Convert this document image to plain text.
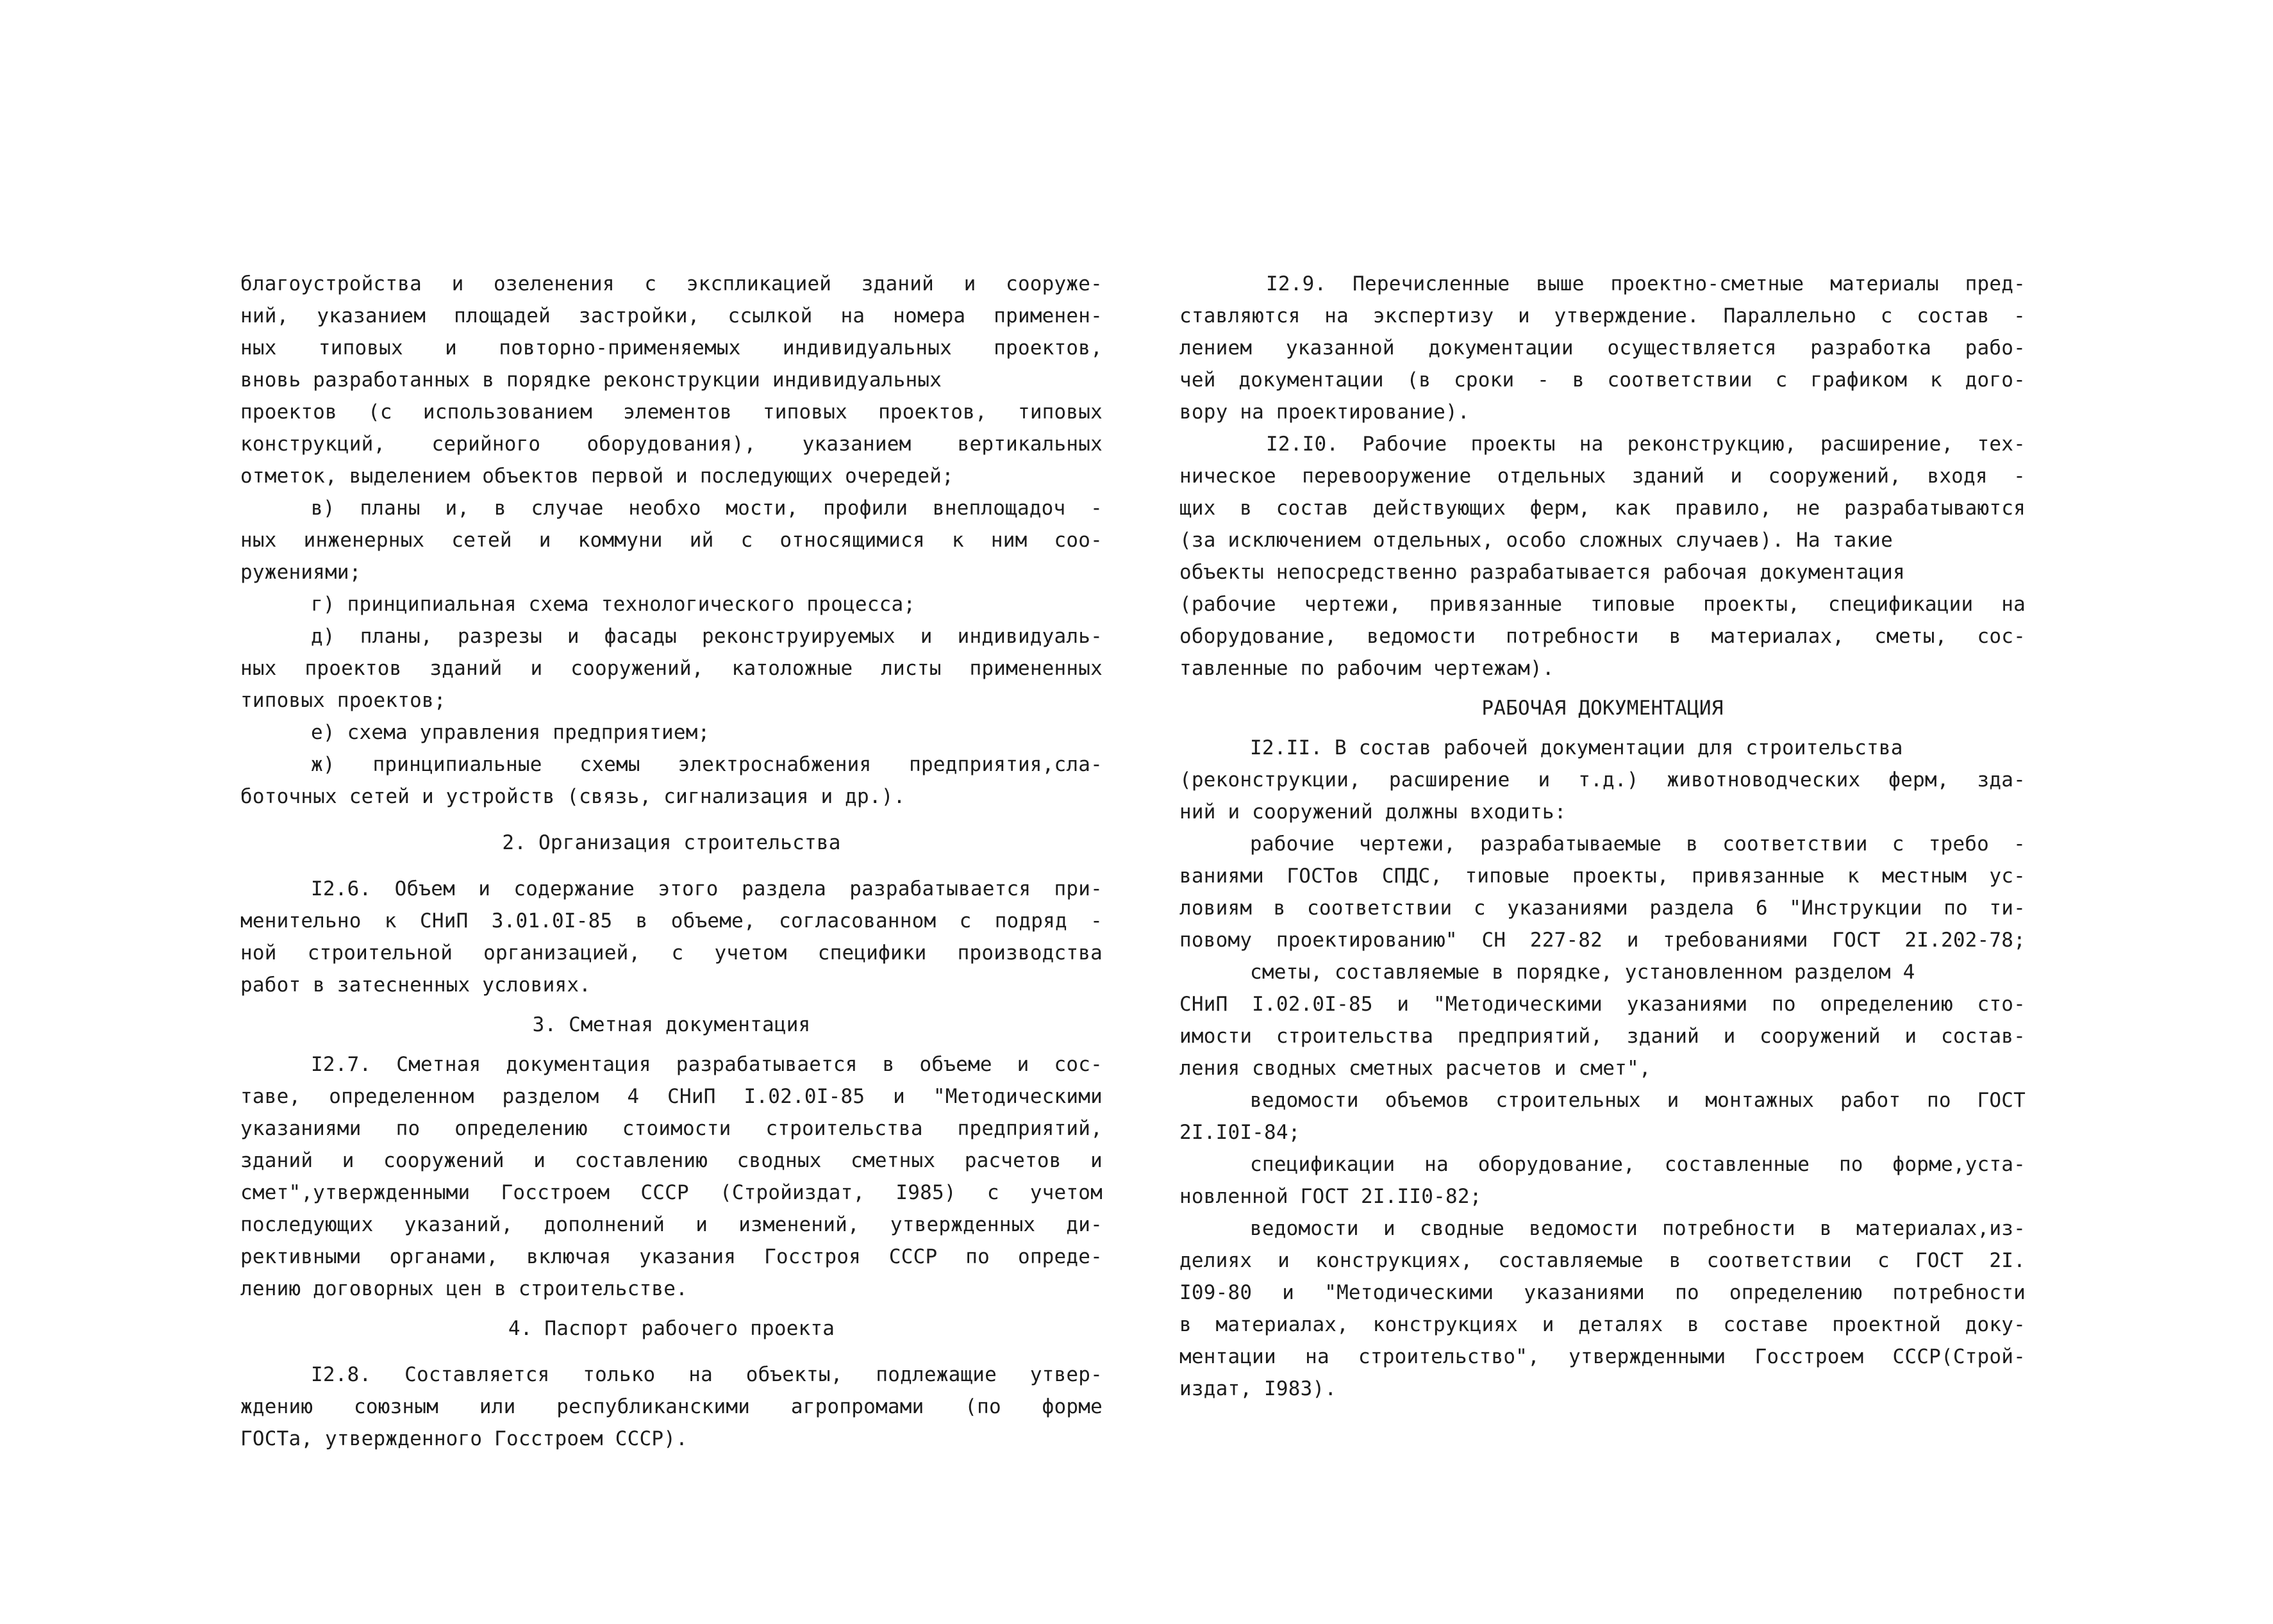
благоустройства и озеленения с экспликацией зданий и сооруже-
ний, указанием площадей застройки, ссылкой на номера применен-
ных типовых и повторно-применяемых индивидуальных проектов,
вновь разработанных в порядке реконструкции индивидуальных
проектов (с использованием элементов типовых проектов, типовых
конструкций, серийного оборудования), указанием вертикальных
отметок, выделением объектов первой и последующих очередей;
в) планы и, в случае необхо мости, профили внеплощадоч -
ных инженерных сетей и коммуни ий с относящимися к ним соо-
ружениями;
г) принципиальная схема технологического процесса;
д) планы, разрезы и фасады реконструируемых и индивидуаль-
ных проектов зданий и сооружений, католожные листы примененных
типовых проектов;
е) схема управления предприятием;
ж) принципиальные схемы электроснабжения предприятия,сла-
боточных сетей и устройств (связь, сигнализация и др.).
2. Организация строительства
I2.6. Объем и содержание этого раздела разрабатывается при-
менительно к СНиП 3.01.0I-85 в объеме, согласованном с подряд -
ной строительной организацией, с учетом специфики производства
работ в затесненных условиях.
3. Сметная документация
I2.7. Сметная документация разрабатывается в объеме и сос-
таве, определенном разделом 4 СНиП I.02.0I-85 и "Методическими
указаниями по определению стоимости строительства предприятий,
зданий и сооружений и составлению сводных сметных расчетов и
смет",утвержденными Госстроем СССР (Стройиздат, I985) с учетом
последующих указаний, дополнений и изменений, утвержденных ди-
рективными органами, включая указания Госстроя СССР по опреде-
лению договорных цен в строительстве.
4. Паспорт рабочего проекта
I2.8. Составляется только на объекты, подлежащие утвер-
ждению союзным или республиканскими агропромами (по форме
ГОСТа, утвержденного Госстроем СССР).
I2.9. Перечисленные выше проектно-сметные материалы пред-
ставляются на экспертизу и утверждение. Параллельно с состав -
лением указанной документации осуществляется разработка рабо-
чей документации (в сроки - в соответствии с графиком к дого-
вору на проектирование).
I2.I0. Рабочие проекты на реконструкцию, расширение, тех-
ническое перевооружение отдельных зданий и сооружений, входя -
щих в состав действующих ферм, как правило, не разрабатываются
(за исключением отдельных, особо сложных случаев). На такие
объекты непосредственно разрабатывается рабочая документация
(рабочие чертежи, привязанные типовые проекты, спецификации на
оборудование, ведомости потребности в материалах, сметы, сос-
тавленные по рабочим чертежам).
РАБОЧАЯ ДОКУМЕНТАЦИЯ
I2.II. В состав рабочей документации для строительства
(реконструкции, расширение и т.д.) животноводческих ферм, зда-
ний и сооружений должны входить:
рабочие чертежи, разрабатываемые в соответствии с требо -
ваниями ГОСТов СПДС, типовые проекты, привязанные к местным ус-
ловиям в соответствии с указаниями раздела 6 "Инструкции по ти-
повому проектированию" СН 227-82 и требованиями ГОСТ 2I.202-78;
сметы, составляемые в порядке, установленном разделом 4
СНиП I.02.0I-85 и "Методическими указаниями по определению сто-
имости строительства предприятий, зданий и сооружений и состав-
ления сводных сметных расчетов и смет",
ведомости объемов строительных и монтажных работ по ГОСТ
2I.I0I-84;
спецификации на оборудование, составленные по форме,уста-
новленной ГОСТ 2I.II0-82;
ведомости и сводные ведомости потребности в материалах,из-
делиях и конструкциях, составляемые в соответствии с ГОСТ 2I.
I09-80 и "Методическими указаниями по определению потребности
в материалах, конструкциях и деталях в составе проектной доку-
ментации на строительство", утвержденными Госстроем СССР(Строй-
издат, I983).
